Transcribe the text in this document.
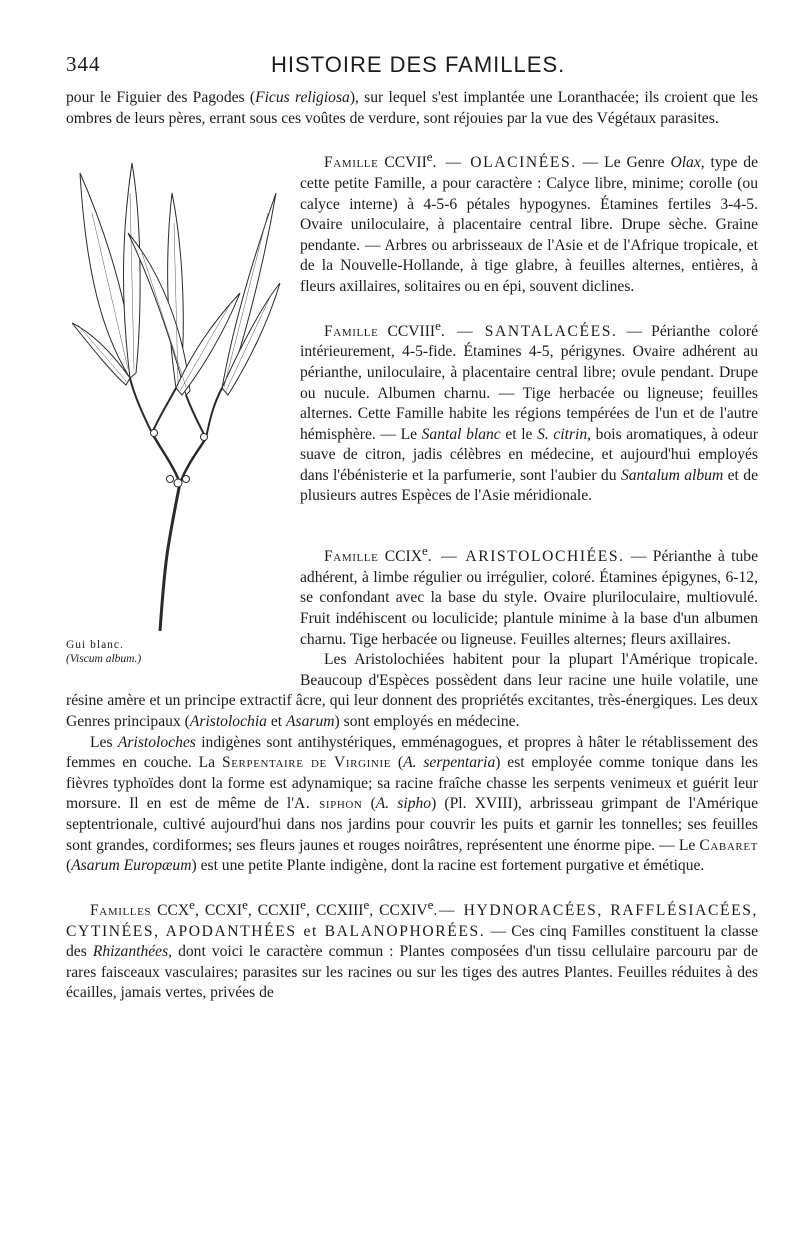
344	HISTOIRE DES FAMILLES.

pour le Figuier des Pagodes (Ficus religiosa), sur lequel s'est implantée une Loranthacée; ils croient que les ombres de leurs pères, errant sous ces voûtes de verdure, sont réjouies par la vue des Végétaux parasites.

Gui blanc.
(Viscum album.)

Famille CCVIIe. — OLACINÉES. — Le Genre Olax, type de cette petite Famille, a pour caractère : Calyce libre, minime; corolle (ou calyce interne) à 4-5-6 pétales hypogynes. Étamines fertiles 3-4-5. Ovaire uniloculaire, à placentaire central libre. Drupe sèche. Graine pendante. — Arbres ou arbrisseaux de l'Asie et de l'Afrique tropicale, et de la Nouvelle-Hollande, à tige glabre, à feuilles alternes, entières, à fleurs axillaires, solitaires ou en épi, souvent diclines.

Famille CCVIIIe. — SANTALACÉES. — Périanthe coloré intérieurement, 4-5-fide. Étamines 4-5, périgynes. Ovaire adhérent au périanthe, uniloculaire, à placentaire central libre; ovule pendant. Drupe ou nucule. Albumen charnu. — Tige herbacée ou ligneuse; feuilles alternes. Cette Famille habite les régions tempérées de l'un et de l'autre hémisphère. — Le Santal blanc et le S. citrin, bois aromatiques, à odeur suave de citron, jadis célèbres en médecine, et aujourd'hui employés dans l'ébénisterie et la parfumerie, sont l'aubier du Santalum album et de plusieurs autres Espèces de l'Asie méridionale.

Famille CCIXe. — ARISTOLOCHIÉES. — Périanthe à tube adhérent, à limbe régulier ou irrégulier, coloré. Étamines épigynes, 6-12, se confondant avec la base du style. Ovaire pluriloculaire, multiovulé. Fruit indéhiscent ou loculicide; plantule minime à la base d'un albumen charnu. Tige herbacée ou ligneuse. Feuilles alternes; fleurs axillaires.

Les Aristolochiées habitent pour la plupart l'Amérique tropicale. Beaucoup d'Espèces possèdent dans leur racine une huile volatile, une résine amère et un principe extractif âcre, qui leur donnent des propriétés excitantes, très-énergiques. Les deux Genres principaux (Aristolochia et Asarum) sont employés en médecine.

Les Aristoloches indigènes sont antihystériques, emménagogues, et propres à hâter le rétablissement des femmes en couche. La Serpentaire de Virginie (A. serpentaria) est employée comme tonique dans les fièvres typhoïdes dont la forme est adynamique; sa racine fraîche chasse les serpents venimeux et guérit leur morsure. Il en est de même de l'A. siphon (A. sipho) (Pl. XVIII), arbrisseau grimpant de l'Amérique septentrionale, cultivé aujourd'hui dans nos jardins pour couvrir les puits et garnir les tonnelles; ses feuilles sont grandes, cordiformes; ses fleurs jaunes et rouges noirâtres, représentent une énorme pipe. — Le Cabaret (Asarum Europæum) est une petite Plante indigène, dont la racine est fortement purgative et émétique.

Familles CCXe, CCXIe, CCXIIe, CCXIIIe, CCXIVe.— HYDNORACÉES, RAFFLÉSIACÉES, CYTINÉES, APODANTHÉES et BALANOPHORÉES. — Ces cinq Familles constituent la classe des Rhizanthées, dont voici le caractère commun : Plantes composées d'un tissu cellulaire parcouru par de rares faisceaux vasculaires; parasites sur les racines ou sur les tiges des autres Plantes. Feuilles réduites à des écailles, jamais vertes, privées de
